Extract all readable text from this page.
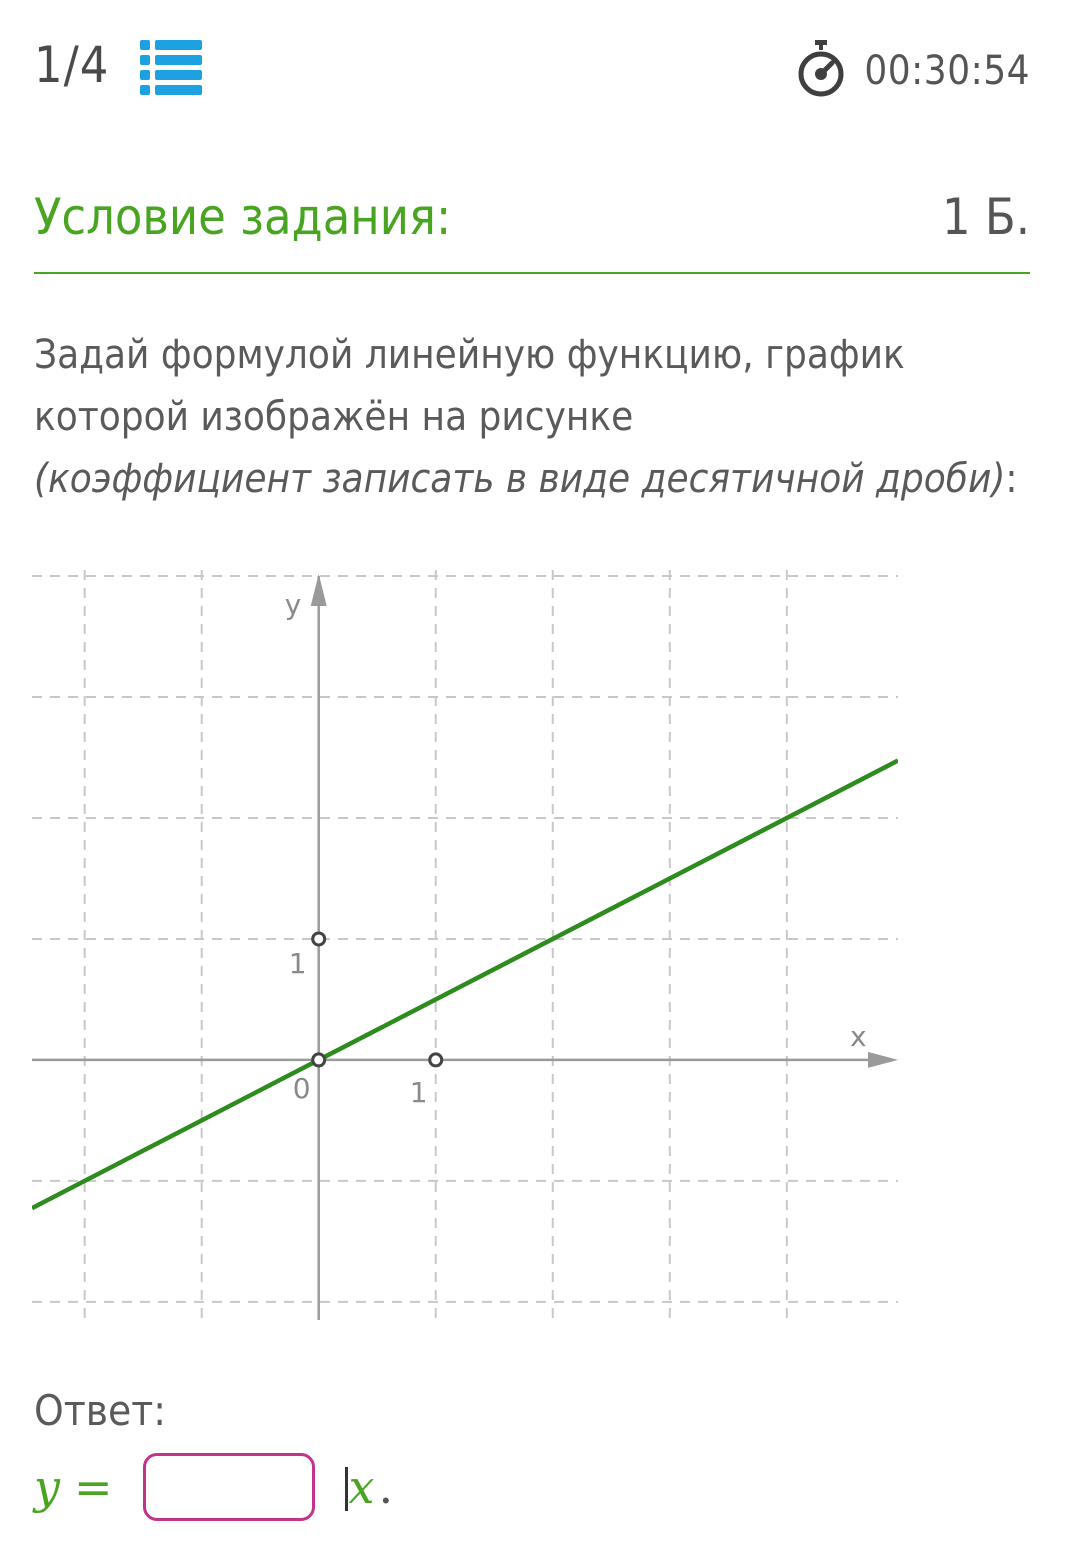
1/4	00:30:54
Условие задания:	1 Б.
Задай формулой линейную функцию, график которой изображён на рисунке
(коэффициент записать в виде десятичной дроби):
x
y
0	1
1
Ответ:
y =	x .
